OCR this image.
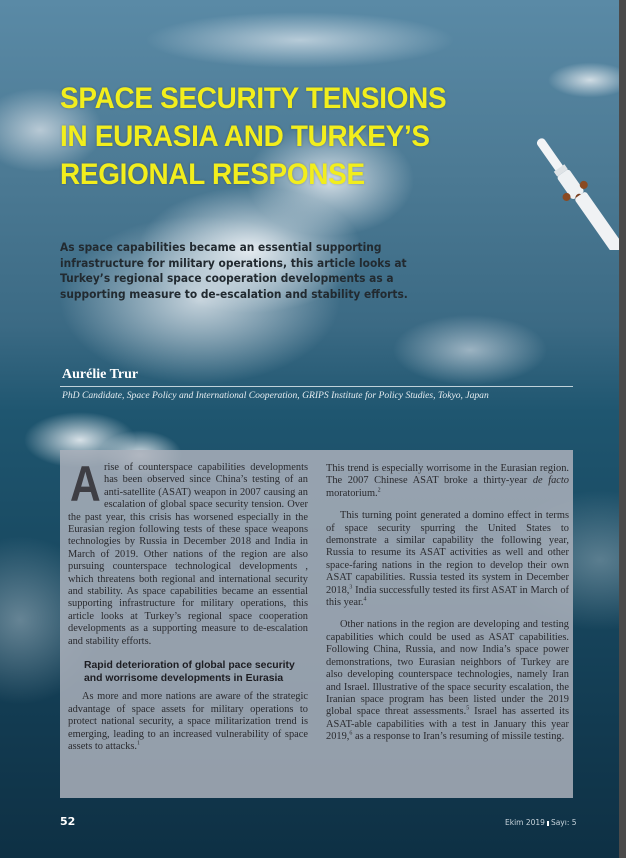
SPACE SECURITY TENSIONS
IN EURASIA AND TURKEY’S
REGIONAL RESPONSE

As space capabilities became an essential supporting
infrastructure for military operations, this article looks at
Turkey’s regional space cooperation developments as a
supporting measure to de-escalation and stability efforts.

Aurélie Trur
PhD Candidate, Space Policy and International Cooperation, GRIPS Institute for Policy Studies, Tokyo, Japan

Arise of counterspace capabilities developments has been observed since China’s testing of an anti-satellite (ASAT) weapon in 2007 causing an escalation of global space security tension. Over the past year, this crisis has worsened especially in the Eurasian region following tests of these space weapons technologies by Russia in December 2018 and India in March of 2019. Other nations of the region are also pursuing counterspace technological developments , which threatens both regional and international security and stability. As space capabilities became an essential supporting infrastructure for military operations, this article looks at Turkey’s regional space cooperation developments as a supporting measure to de-escalation and stability efforts.

Rapid deterioration of global pace security and worrisome developments in Eurasia

As more and more nations are aware of the strategic advantage of space assets for military operations to protect national security, a space militarization trend is emerging, leading to an increased vulnerability of space assets to attacks.$^1$

This trend is especially worrisome in the Eurasian region. The 2007 Chinese ASAT broke a thirty-year de facto moratorium.$^2$

This turning point generated a domino effect in terms of space security spurring the United States to demonstrate a similar capability the following year, Russia to resume its ASAT activities as well and other space-faring nations in the region to develop their own ASAT capabilities. Russia tested its system in December 2018,$^3$ India successfully tested its first ASAT in March of this year.$^4$

Other nations in the region are developing and testing capabilities which could be used as ASAT capabilities. Following China, Russia, and now India’s space power demonstrations, two Eurasian neighbors of Turkey are also developing counterspace technologies, namely Iran and Israel. Illustrative of the space security escalation, the Iranian space program has been listed under the 2019 global space threat assessments.$^5$ Israel has asserted its ASAT-able capabilities with a test in January this year 2019,$^6$ as a response to Iran’s resuming of missile testing.

52	Ekim 2019 Sayı: 5
